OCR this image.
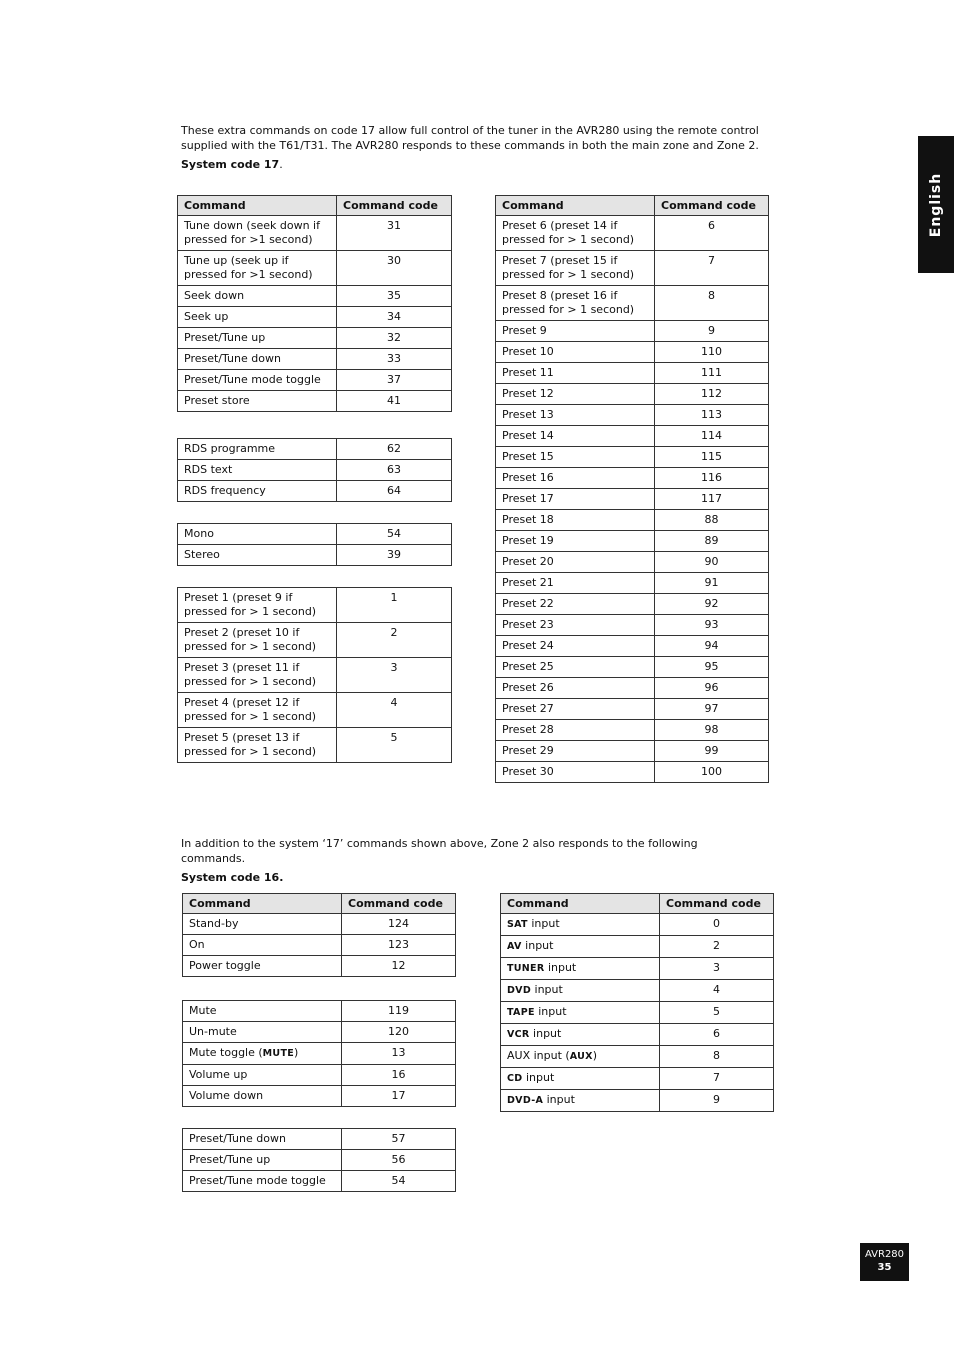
English

These extra commands on code 17 allow full control of the tuner in the AVR280 using the remote control supplied with the T61/T31. The AVR280 responds to these commands in both the main zone and Zone 2.

System code 17.

Command	Command code
Tune down (seek down if
pressed for >1 second)	31
Tune up (seek up if
pressed for >1 second)	30
Seek down	35
Seek up	34
Preset/Tune up	32
Preset/Tune down	33
Preset/Tune mode toggle	37
Preset store	41
RDS programme	62
RDS text	63
RDS frequency	64
Mono	54
Stereo	39
Preset 1 (preset 9 if
pressed for > 1 second)	1
Preset 2 (preset 10 if
pressed for > 1 second)	2
Preset 3 (preset 11 if
pressed for > 1 second)	3
Preset 4 (preset 12 if
pressed for > 1 second)	4
Preset 5 (preset 13 if
pressed for > 1 second)	5
Command	Command code
Preset 6 (preset 14 if
pressed for > 1 second)	6
Preset 7 (preset 15 if
pressed for > 1 second)	7
Preset 8 (preset 16 if
pressed for > 1 second)	8
Preset 9	9
Preset 10	110
Preset 11	111
Preset 12	112
Preset 13	113
Preset 14	114
Preset 15	115
Preset 16	116
Preset 17	117
Preset 18	88
Preset 19	89
Preset 20	90
Preset 21	91
Preset 22	92
Preset 23	93
Preset 24	94
Preset 25	95
Preset 26	96
Preset 27	97
Preset 28	98
Preset 29	99
Preset 30	100

In addition to the system ‘17’ commands shown above, Zone 2 also responds to the following commands.

System code 16.

Command	Command code
Stand-by	124
On	123
Power toggle	12
Mute	119
Un-mute	120
Mute toggle (MUTE)	13
Volume up	16
Volume down	17
Preset/Tune down	57
Preset/Tune up	56
Preset/Tune mode toggle	54
Command	Command code
SAT input	0
AV input	2
TUNER input	3
DVD input	4
TAPE input	5
VCR input	6
AUX input (AUX)	8
CD input	7
DVD-A input	9
AVR280
35
